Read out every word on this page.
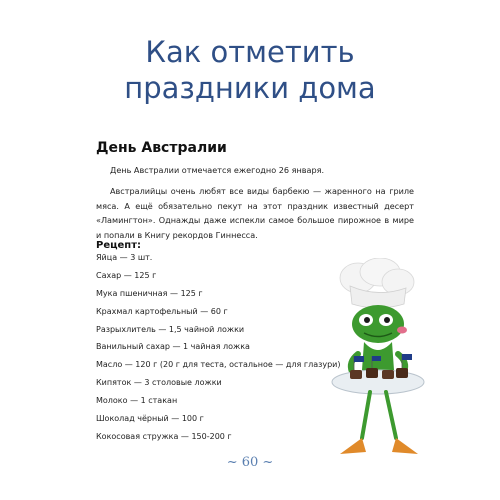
Как отметить
праздники дома
День Австралии

День Австралии отмечается ежегодно 26 января.

Австралийцы очень любят все виды барбекю — жаренного на гриле мяса. А ещё обязательно пекут на этот праздник известный десерт «Ламингтон». Однажды даже испекли самое большое пирожное в мире и попали в Книгу рекордов Гиннесса.

Рецепт:
Яйца — 3 шт.
Сахар — 125 г
Мука пшеничная — 125 г
Крахмал картофельный — 60 г
Разрыхлитель — 1,5 чайной ложки
Ванильный сахар — 1 чайная ложка
Масло — 120 г (20 г для теста, остальное — для глазури)
Кипяток — 3 столовые ложки
Молоко — 1 стакан
Шоколад чёрный — 100 г
Кокосовая стружка — 150-200 г
~ 60 ~
